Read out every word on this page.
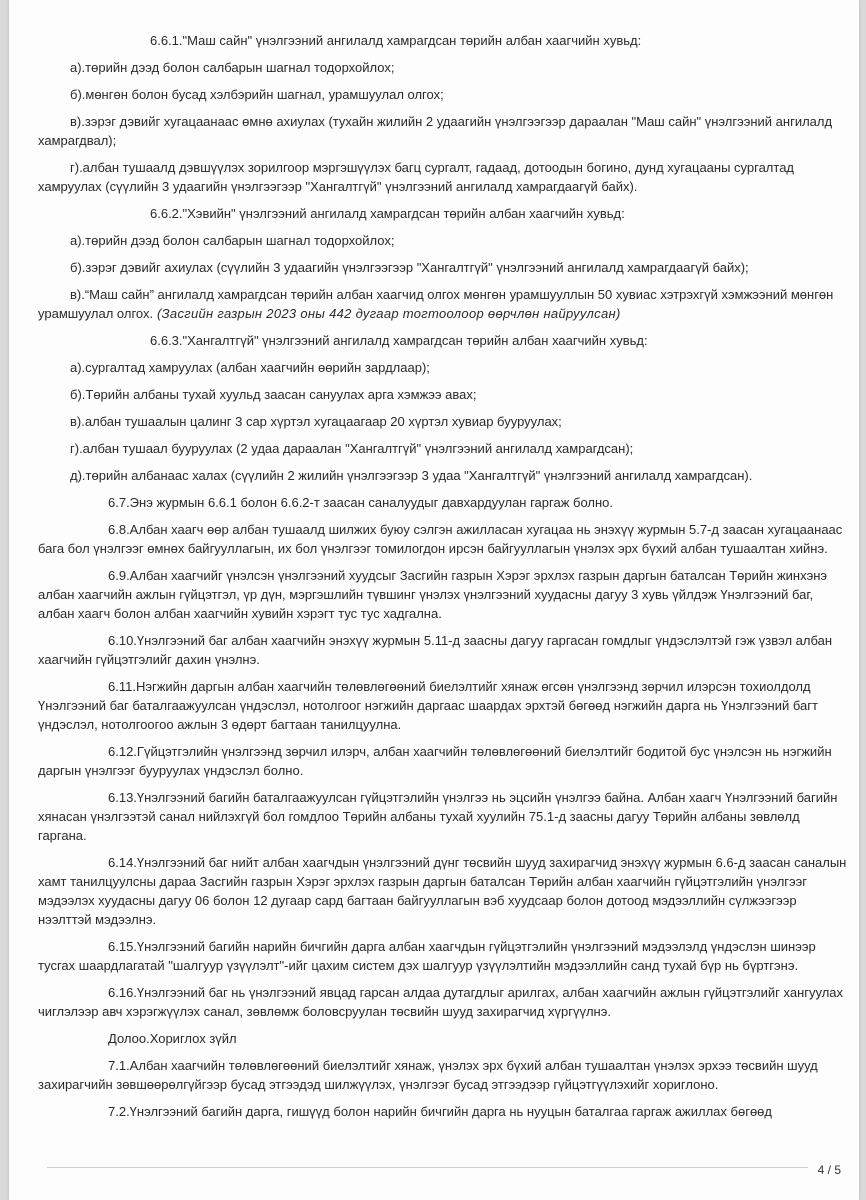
6.6.1."Маш сайн" үнэлгээний ангилалд хамрагдсан төрийн албан хаагчийн хувьд:

а).төрийн дээд болон салбарын шагнал тодорхойлох;

б).мөнгөн болон бусад хэлбэрийн шагнал, урамшуулал олгох;

в).зэрэг дэвийг хугацаанаас өмнө ахиулах (тухайн жилийн 2 удаагийн үнэлгээгээр дараалан "Маш сайн" үнэлгээний ангилалд хамрагдвал);

г).албан тушаалд дэвшүүлэх зорилгоор мэргэшүүлэх багц сургалт, гадаад, дотоодын богино, дунд хугацааны сургалтад хамруулах (сүүлийн 3 удаагийн үнэлгээгээр "Хангалтгүй" үнэлгээний ангилалд хамрагдаагүй байх).

6.6.2."Хэвийн" үнэлгээний ангилалд хамрагдсан төрийн албан хаагчийн хувьд:

а).төрийн дээд болон салбарын шагнал тодорхойлох;

б).зэрэг дэвийг ахиулах (сүүлийн 3 удаагийн үнэлгээгээр "Хангалтгүй" үнэлгээний ангилалд хамрагдаагүй байх);

в).“Маш сайн” ангилалд хамрагдсан төрийн албан хаагчид олгох мөнгөн урамшууллын 50 хувиас хэтрэхгүй хэмжээний мөнгөн урамшуулал олгох. (Засгийн газрын 2023 оны 442 дугаар тогтоолоор өөрчлөн найруулсан)

6.6.3."Хангалтгүй" үнэлгээний ангилалд хамрагдсан төрийн албан хаагчийн хувьд:

а).сургалтад хамруулах (албан хаагчийн өөрийн зардлаар);

б).Төрийн албаны тухай хуульд заасан сануулах арга хэмжээ авах;

в).албан тушаалын цалинг 3 сар хүртэл хугацаагаар 20 хүртэл хувиар бууруулах;

г).албан тушаал бууруулах (2 удаа дараалан "Хангалтгүй" үнэлгээний ангилалд хамрагдсан);

д).төрийн албанаас халах (сүүлийн 2 жилийн үнэлгээгээр 3 удаа "Хангалтгүй" үнэлгээний ангилалд хамрагдсан).

6.7.Энэ журмын 6.6.1 болон 6.6.2-т заасан саналуудыг давхардуулан гаргаж болно.

6.8.Албан хаагч өөр албан тушаалд шилжих буюу сэлгэн ажилласан хугацаа нь энэхүү журмын 5.7-д заасан хугацаанаас бага бол үнэлгээг өмнөх байгууллагын, их бол үнэлгээг томилогдон ирсэн байгууллагын үнэлэх эрх бүхий албан тушаалтан хийнэ.

6.9.Албан хаагчийг үнэлсэн үнэлгээний хуудсыг Засгийн газрын Хэрэг эрхлэх газрын даргын баталсан Төрийн жинхэнэ албан хаагчийн ажлын гүйцэтгэл, үр дүн, мэргэшлийн түвшинг үнэлэх үнэлгээний хуудасны дагуу 3 хувь үйлдэж Үнэлгээний баг, албан хаагч болон албан хаагчийн хувийн хэрэгт тус тус хадгална.

6.10.Үнэлгээний баг албан хаагчийн энэхүү журмын 5.11-д заасны дагуу гаргасан гомдлыг үндэслэлтэй гэж үзвэл албан хаагчийн гүйцэтгэлийг дахин үнэлнэ.

6.11.Нэгжийн даргын албан хаагчийн төлөвлөгөөний биелэлтийг хянаж өгсөн үнэлгээнд зөрчил илэрсэн тохиолдолд Үнэлгээний баг баталгаажуулсан үндэслэл, нотолгоог нэгжийн даргаас шаардах эрхтэй бөгөөд нэгжийн дарга нь Үнэлгээний багт үндэслэл, нотолгоогоо ажлын 3 өдөрт багтаан танилцуулна.

6.12.Гүйцэтгэлийн үнэлгээнд зөрчил илэрч, албан хаагчийн төлөвлөгөөний биелэлтийг бодитой бус үнэлсэн нь нэгжийн даргын үнэлгээг бууруулах үндэслэл болно.

6.13.Үнэлгээний багийн баталгаажуулсан гүйцэтгэлийн үнэлгээ нь эцсийн үнэлгээ байна. Албан хаагч Үнэлгээний багийн хянасан үнэлгээтэй санал нийлэхгүй бол гомдлоо Төрийн албаны тухай хуулийн 75.1-д заасны дагуу Төрийн албаны зөвлөлд гаргана.

6.14.Үнэлгээний баг нийт албан хаагчдын үнэлгээний дүнг төсвийн шууд захирагчид энэхүү журмын 6.6-д заасан саналын хамт танилцуулсны дараа Засгийн газрын Хэрэг эрхлэх газрын даргын баталсан Төрийн албан хаагчийн гүйцэтгэлийн үнэлгээг мэдээлэх хуудасны дагуу 06 болон 12 дугаар сард багтаан байгууллагын вэб хуудсаар болон дотоод мэдээллийн сүлжээгээр нээлттэй мэдээлнэ.

6.15.Үнэлгээний багийн нарийн бичгийн дарга албан хаагчдын гүйцэтгэлийн үнэлгээний мэдээлэлд үндэслэн шинээр тусгах шаардлагатай "шалгуур үзүүлэлт"-ийг цахим систем дэх шалгуур үзүүлэлтийн мэдээллийн санд тухай бүр нь бүртгэнэ.

6.16.Үнэлгээний баг нь үнэлгээний явцад гарсан алдаа дутагдлыг арилгах, албан хаагчийн ажлын гүйцэтгэлийг хангуулах чиглэлээр авч хэрэгжүүлэх санал, зөвлөмж боловсруулан төсвийн шууд захирагчид хүргүүлнэ.

Долоо.Хориглох зүйл

7.1.Албан хаагчийн төлөвлөгөөний биелэлтийг хянаж, үнэлэх эрх бүхий албан тушаалтан үнэлэх эрхээ төсвийн шууд захирагчийн зөвшөөрөлгүйгээр бусад этгээдэд шилжүүлэх, үнэлгээг бусад этгээдээр гүйцэтгүүлэхийг хориглоно.

7.2.Үнэлгээний багийн дарга, гишүүд болон нарийн бичгийн дарга нь нууцын баталгаа гаргаж ажиллах бөгөөд

4 / 5
